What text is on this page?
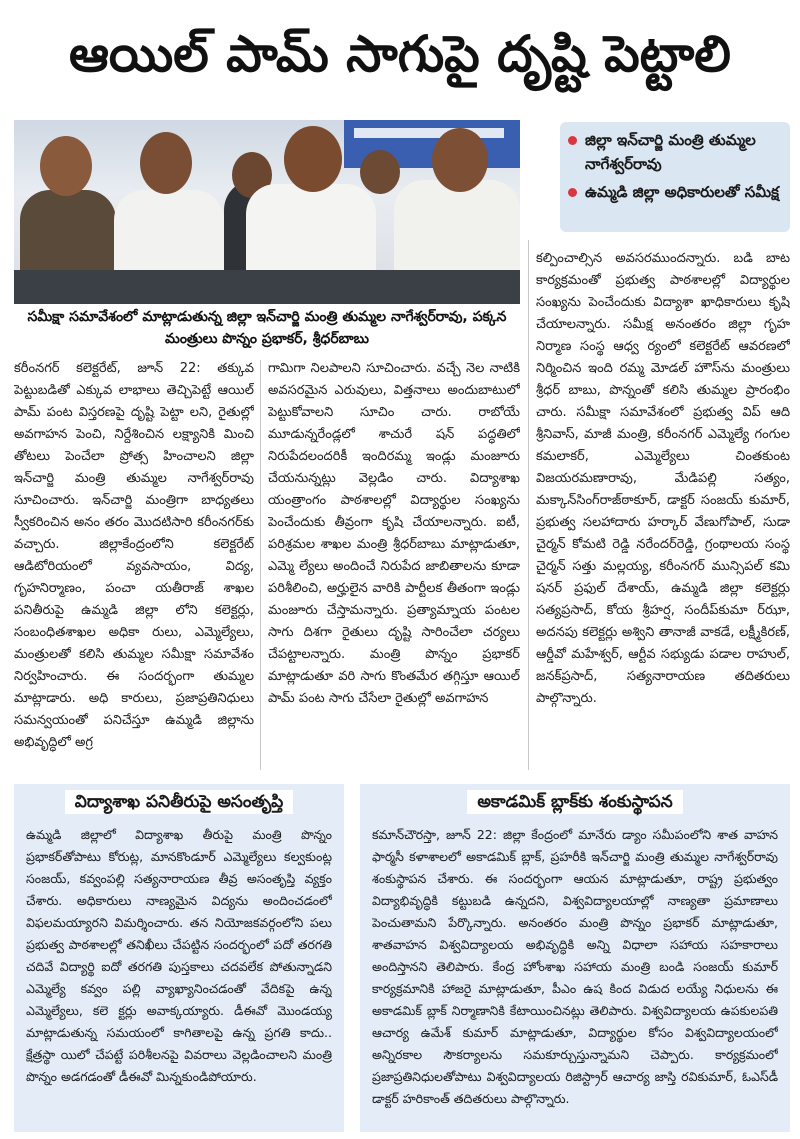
ఆయిల్ పామ్ సాగుపై దృష్టి పెట్టాలి
సమీక్షా సమావేశంలో మాట్లాడుతున్న జిల్లా ఇన్‌చార్జి మంత్రి తుమ్మల నాగేశ్వర్‌రావు, పక్కన మంత్రులు పొన్నం ప్రభాకర్, శ్రీధర్‌బాబు
జిల్లా ఇన్‌చార్జి మంత్రి తుమ్మల నాగేశ్వర్‌రావు
ఉమ్మడి జిల్లా అధికారులతో సమీక్ష
కరీంనగర్ కలెక్టరేట్, జూన్ 22: తక్కువ పెట్టుబడితో ఎక్కువ లాభాలు తెచ్చిపెట్టే ఆయిల్ పామ్ పంట విస్తరణపై దృష్టి పెట్టా లని, రైతుల్లో అవగాహన పెంచి, నిర్దేశించిన లక్ష్యానికి మించి తోటలు పెంచేలా ప్రోత్స హించాలని జిల్లా ఇన్‌చార్జి మంత్రి తుమ్మల నాగేశ్వర్‌రావు సూచించారు. ఇన్‌చార్జి మంత్రిగా బాధ్యతలు స్వీకరించిన అనం తరం మొదటిసారి కరీంనగర్‌కు వచ్చారు. జిల్లాకేంద్రంలోని కలెక్టరేట్ ఆడిటోరియంలో వ్యవసాయం, విద్య, గృహనిర్మాణం, పంచా యతీరాజ్ శాఖల పనితీరుపై ఉమ్మడి జిల్లా లోని కలెక్టర్లు, సంబంధితశాఖల అధికా రులు, ఎమ్మెల్యేలు, మంత్రులతో కలిసి తుమ్మల సమీక్షా సమావేశం నిర్వహించారు. ఈ సందర్భంగా తుమ్మల మాట్లాడారు. అధి కారులు, ప్రజాప్రతినిధులు సమన్వయంతో పనిచేస్తూ ఉమ్మడి జిల్లాను అభివృద్ధిలో అగ్ర
గామిగా నిలపాలని సూచించారు. వచ్చే నెల నాటికి అవసరమైన ఎరువులు, విత్తనాలు అందుబాటులో పెట్టుకోవాలని సూచిం చారు. రాబోయే మూడున్నరేండ్లలో శాచురే షన్ పద్ధతిలో నిరుపేదలందరికీ ఇందిరమ్మ ఇండ్లు మంజూరు చేయనున్నట్లు వెల్లడిం చారు. విద్యాశాఖ యంత్రాంగం పాఠశాలల్లో విద్యార్థుల సంఖ్యను పెంచేందుకు తీవ్రంగా కృషి చేయాలన్నారు. ఐటీ, పరిశ్రమల శాఖల మంత్రి శ్రీధర్‌బాబు మాట్లాడుతూ, ఎమ్మె ల్యేలు అందించే నిరుపేద జాబితాలను కూడా పరిశీలించి, అర్హులైన వారికి పార్టీలక తీతంగా ఇండ్లు మంజూరు చేస్తామన్నారు. ప్రత్యామ్నాయ పంటల సాగు దిశగా రైతులు దృష్టి సారించేలా చర్యలు చేపట్టాలన్నారు. మంత్రి పొన్నం ప్రభాకర్ మాట్లాడుతూ వరి సాగు కొంతమేర తగ్గిస్తూ ఆయిల్ పామ్ పంట సాగు చేసేలా రైతుల్లో అవగాహన
కల్పించాల్సిన అవసరముందన్నారు. బడి బాట కార్యక్రమంతో ప్రభుత్వ పాఠశాలల్లో విద్యార్థుల సంఖ్యను పెంచేందుకు విద్యాశా ఖాధికారులు కృషి చేయాలన్నారు. సమీక్ష అనంతరం జిల్లా గృహ నిర్మాణ సంస్థ ఆధ్వ ర్యంలో కలెక్టరేట్ ఆవరణలో నిర్మించిన ఇంది రమ్మ మోడల్ హౌస్‌ను మంత్రులు శ్రీధర్ బాబు, పొన్నంతో కలిసి తుమ్మల ప్రారంభిం చారు. సమీక్షా సమావేశంలో ప్రభుత్వ విప్ ఆది శ్రీనివాస్, మాజీ మంత్రి, కరీంనగర్ ఎమ్మెల్యే గంగుల కమలాకర్, ఎమ్మెల్యేలు చింతకుంట విజయరమణారావు, మేడిపల్లి సత్యం, మక్కాన్‌సింగ్‌రాజ్‌ఠాకూర్, డాక్టర్ సంజయ్ కుమార్, ప్రభుత్వ సలహాదారు హర్కార్ వేణుగోపాల్, సుడా చైర్మన్ కోమటి రెడ్డి నరేందర్‌రెడ్డి, గ్రంథాలయ సంస్థ చైర్మన్ సత్తు మల్లయ్య, కరీంనగర్ మున్సిపల్ కమి షనర్ ప్రఫుల్ దేశాయ్, ఉమ్మడి జిల్లా కలెక్టర్లు సత్యప్రసాద్, కోయ శ్రీహర్ష, సందీప్‌కుమా ర్‌ఝా, అదనపు కలెక్టర్లు అశ్విని తానాజీ వాకడే, లక్ష్మీకిరణ్, ఆర్డీవో మహేశ్వర్, ఆర్టీవ సభ్యుడు పడాల రాహుల్, జనక్‌ప్రసాద్, సత్యనారాయణ తదితరులు పాల్గొన్నారు.
విద్యాశాఖ పనితీరుపై అసంతృప్తి
ఉమ్మడి జిల్లాలో విద్యాశాఖ తీరుపై మంత్రి పొన్నం ప్రభాకర్‌తోపాటు కోరుట్ల, మానకొండూర్ ఎమ్మెల్యేలు కల్వకుంట్ల సంజయ్, కవ్వంపల్లి సత్యనారాయణ తీవ్ర అసంతృప్తి వ్యక్తం చేశారు. అధికారులు నాణ్యమైన విద్యను అందించడంలో విఫలమయ్యారని విమర్శించారు. తన నియోజకవర్గంలోని పలు ప్రభుత్వ పాఠశాలల్లో తనిఖీలు చేపట్టిన సందర్భంలో పదో తరగతి చదివే విద్యార్థి ఐదో తరగతి పుస్తకాలు చదవలేక పోతున్నాడని ఎమ్మెల్యే కవ్వం పల్లి వ్యాఖ్యానించడంతో వేదికపై ఉన్న ఎమ్మెల్యేలు, కలె క్టర్లు అవాక్కయ్యారు. డీఈవో మొండయ్య మాట్లాడుతున్న సమయంలో కాగితాలపై ఉన్న ప్రగతి కాదు.. క్షేత్రస్థా యిలో చేపట్టే పరిశీలనపై వివరాలు వెల్లడించాలని మంత్రి పొన్నం అడగడంతో డీఈవో మిన్నకుండిపోయారు.
అకాడమిక్ బ్లాక్‌కు శంకుస్థాపన
కమాన్‌చౌరస్తా, జూన్ 22: జిల్లా కేంద్రంలో మానేరు డ్యాం సమీపంలోని శాత వాహన ఫార్మసీ కళాశాలలో అకాడమిక్ బ్లాక్, ప్రహరీకి ఇన్‌చార్జి మంత్రి తుమ్మల నాగేశ్వర్‌రావు శంకుస్థాపన చేశారు. ఈ సందర్భంగా ఆయన మాట్లాడుతూ, రాష్ట్ర ప్రభుత్వం విద్యాభివృద్ధికి కట్టుబడి ఉన్నదని, విశ్వవిద్యాలయాల్లో నాణ్యతా ప్రమాణాలు పెంచుతామని పేర్కొన్నారు. అనంతరం మంత్రి పొన్నం ప్రభాకర్ మాట్లాడుతూ, శాతవాహన విశ్వవిద్యాలయ అభివృద్ధికి అన్ని విధాలా సహాయ సహకారాలు అందిస్తానని తెలిపారు. కేంద్ర హోంశాఖ సహాయ మంత్రి బండి సంజయ్ కుమార్ కార్యక్రమానికి హాజరై మాట్లాడుతూ, పీఎం ఉష కింద విడుద లయ్యే నిధులను ఈ అకాడమిక్ బ్లాక్ నిర్మాణానికి కేటాయించినట్లు తెలిపారు. విశ్వవిద్యాలయ ఉపకులపతి ఆచార్య ఉమేశ్ కుమార్ మాట్లాడుతూ, విద్యార్థుల కోసం విశ్వవిద్యాలయంలో అన్నిరకాల సౌకర్యాలను సమకూర్చుస్తున్నామని చెప్పారు. కార్యక్రమంలో ప్రజాప్రతినిధులతోపాటు విశ్వవిద్యాలయ రిజిస్ట్రార్ ఆచార్య జాస్తి రవికుమార్, ఓఎస్‌డీ డాక్టర్ హరికాంత్ తదితరులు పాల్గొన్నారు.
